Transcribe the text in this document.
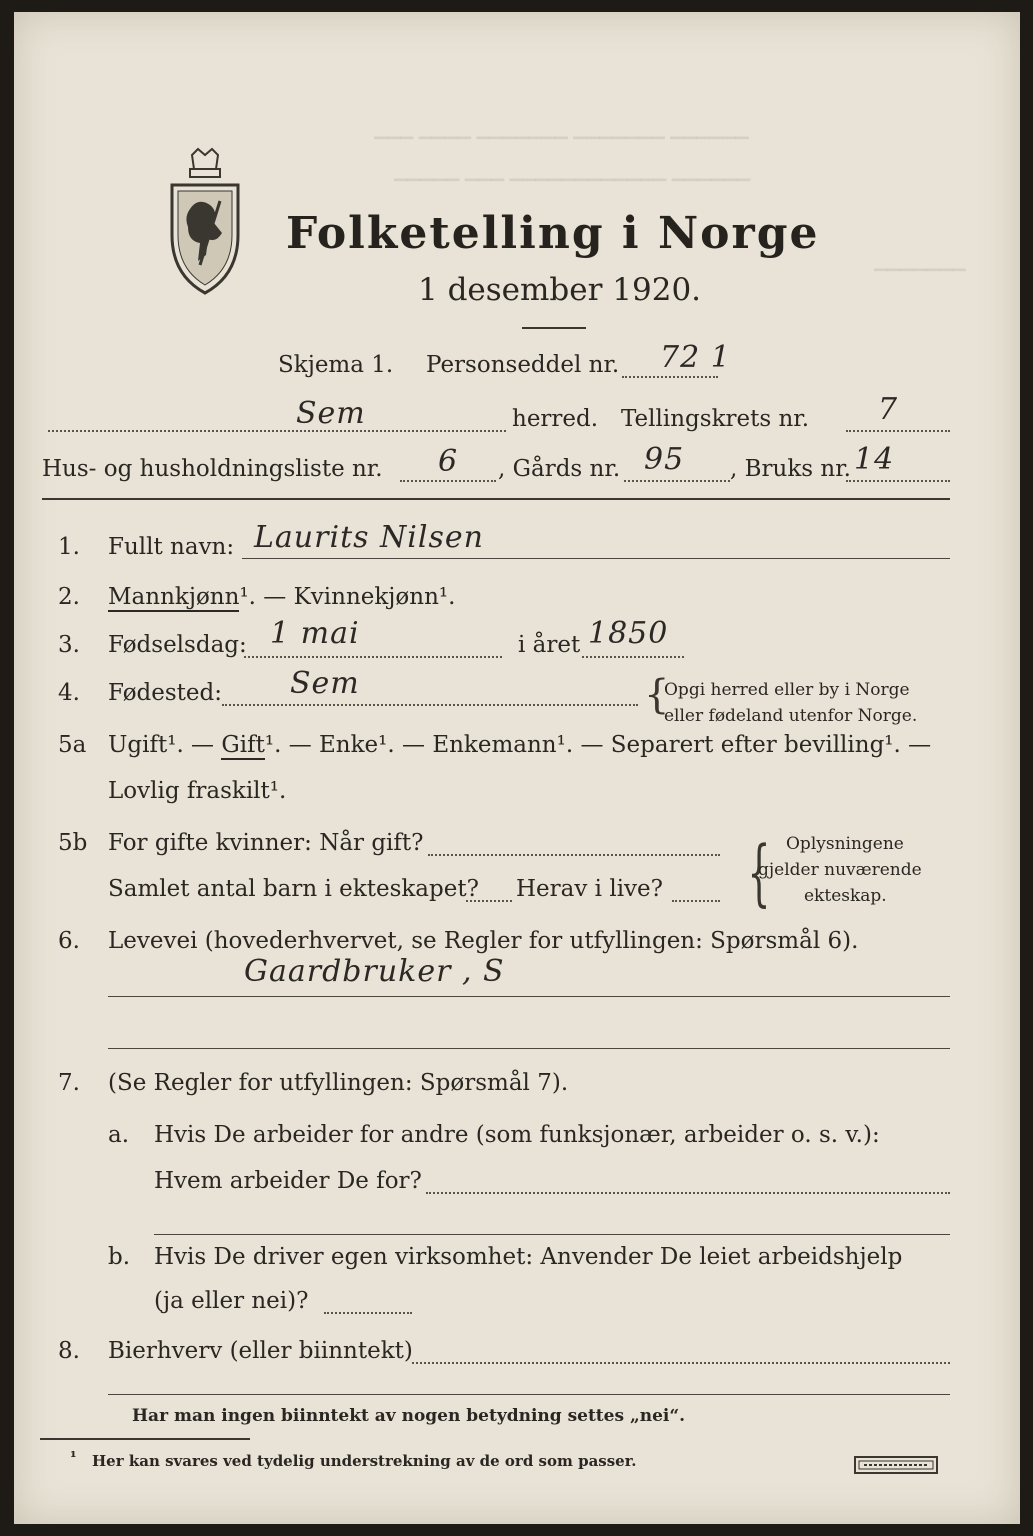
▁▁▁ ▁▁▁▁ ▁▁▁▁▁▁▁ ▁▁▁▁▁▁▁ ▁▁▁▁▁▁
▁▁▁▁▁ ▁▁▁ ▁▁▁▁▁▁▁▁▁▁▁▁ ▁▁▁▁▁▁
▁▁▁▁▁▁▁
Folketelling i Norge
1 desember 1920.
Skjema 1. Personseddel nr. 72 1
Sem	herred. Tellingskrets nr. 7
Hus- og husholdningsliste nr. 6 , Gårds nr. 95 , Bruks nr. 14
1. Fullt navn: Laurits Nilsen
2. Mannkjønn¹. — Kvinnekjønn¹.
3. Fødselsdag: 1 mai	i året 1850
4. Fødested: Sem	{
Opgi herred eller by i Norge
eller fødeland utenfor Norge.
5a Ugift¹. — Gift¹. — Enke¹. — Enkemann¹. — Separert efter bevilling¹. —
Lovlig fraskilt¹.
5b For gifte kvinner: Når gift?
Samlet antal barn i ekteskapet? Herav i live? { Oplysningene
gjelder nuværende
ekteskap.
6. Levevei (hovederhvervet, se Regler for utfyllingen: Spørsmål 6).
Gaardbruker , S
7. (Se Regler for utfyllingen: Spørsmål 7).
a. Hvis De arbeider for andre (som funksjonær, arbeider o. s. v.):
Hvem arbeider De for?
b. Hvis De driver egen virksomhet: Anvender De leiet arbeidshjelp
(ja eller nei)?
8. Bierhverv (eller biinntekt)
Har man ingen biinntekt av nogen betydning settes „nei“.
¹ Her kan svares ved tydelig understrekning av de ord som passer.
